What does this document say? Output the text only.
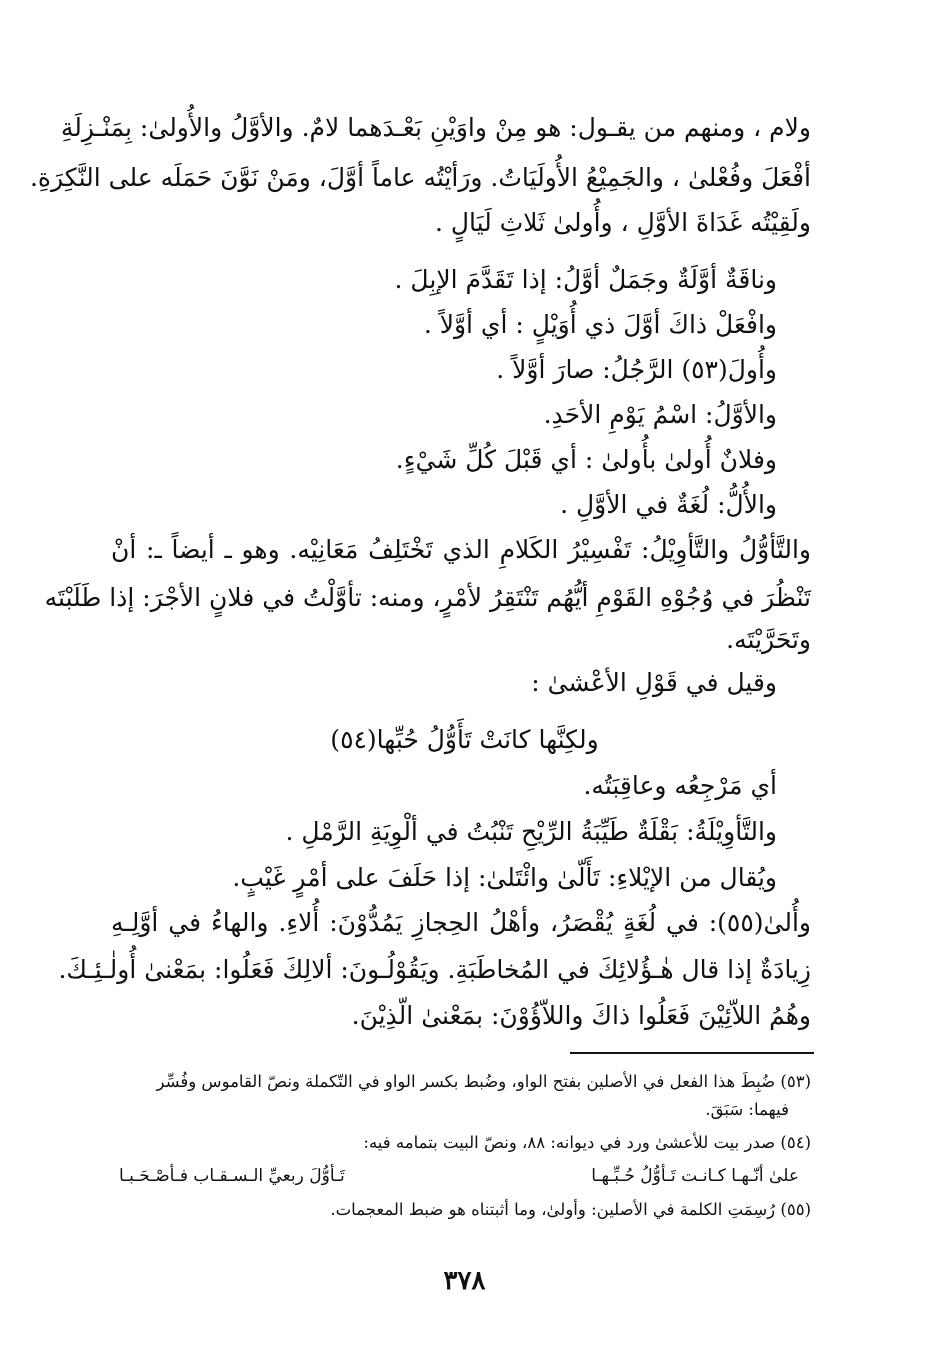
ولام ، ومنهم من يقـول: هو مِنْ واوَيْنِ بَعْـدَهما لامٌ. والأوَّلُ والأُولىٰ: بِمَنْـزِلَةِ
أفْعَلَ وفُعْلىٰ ، والجَمِيْعُ الأُولَيَاتُ. ورَأيْتُه عاماً أوَّلَ، ومَنْ نَوَّنَ حَمَلَه على النَّكِرَةِ.
ولَقِيْتُه غَدَاةَ الأوَّلِ ، وأُولىٰ ثَلاثِ لَيَالٍ .
وناقَةٌ أوَّلَةٌ وجَمَلٌ أوَّلُ: إذا تَقَدَّمَ الإبِلَ .
وافْعَلْ ذاكَ أوَّلَ ذي أُوَيْلٍ : أي أوَّلاً .
وأُولَ(٥٣) الرَّجُلُ: صارَ أوَّلاً .
والأوَّلُ: اسْمُ يَوْمِ الأحَدِ.
وفلانٌ أُولىٰ بأُولىٰ : أي قَبْلَ كُلِّ شَيْءٍ.
والأُلُّ: لُغَةٌ في الأوَّلِ .
والتَّأوُّلُ والتَّأوِيْلُ: تَفْسِيْرُ الكَلامِ الذي تَخْتَلِفُ مَعَانِيْه. وهو ـ أيضاً ـ: أنْ
تَنْظُرَ في وُجُوْهِ القَوْمِ أيُّهُم تَنْتَقِرُ لأمْرٍ، ومنه: تأوَّلْتُ في فلانٍ الأجْرَ: إذا طَلَبْتَه
وتَحَرَّيْتَه.
وقيل في قَوْلِ الأعْشىٰ :
ولكِنَّها كانَتْ تَأَوُّلُ حُبِّها(٥٤)
أي مَرْجِعُه وعاقِبَتُه.
والتَّأوِيْلَةُ: بَقْلَةٌ طَيِّبَةُ الرِّيْحِ تَنْبُتُ في ألْوِيَةِ الرَّمْلِ .
ويُقال من الإيْلاءِ: تَأَلّىٰ وائْتَلىٰ: إذا حَلَفَ على أمْرٍ غَيْبٍ.
وأُلىٰ(٥٥): في لُغَةٍ يُقْصَرُ، وأهْلُ الحِجازِ يَمُدُّوْنَ: أُلاءِ. والهاءُ في أوَّلِـهِ
زِيادَةٌ إذا قال هٰـؤُلائِكَ في المُخاطَبَةِ. ويَقُوْلُـونَ: ألالِكَ فَعَلُوا: بمَعْنىٰ أُولٰـئِـكَ.
وهُمُ اللاّئِيْنَ فَعَلُوا ذاكَ واللاّؤُوْنَ: بمَعْنىٰ الّذِيْنَ.
(٥٣) ضُبِطَ هذا الفعل في الأصلين بفتح الواو، وضُبط بكسر الواو في التّكملة ونصّ القاموس وفُسِّر
فيهما: سَبَقَ.
(٥٤) صدر بيت للأعشىٰ ورد في ديوانه: ٨٨، ونصّ البيت بتمامه فيه:
علىٰ أنّـهـا كـانـت تَـأوُّلُ حُـبِّـهـا
تَـأوُّلَ ربعيِّ الـسـقـاب فـأصْـحَـبـا
(٥٥) رُسِمَتِ الكلمة في الأصلين: وأولىٰ، وما أثبتناه هو ضبط المعجمات.
٣٧٨
